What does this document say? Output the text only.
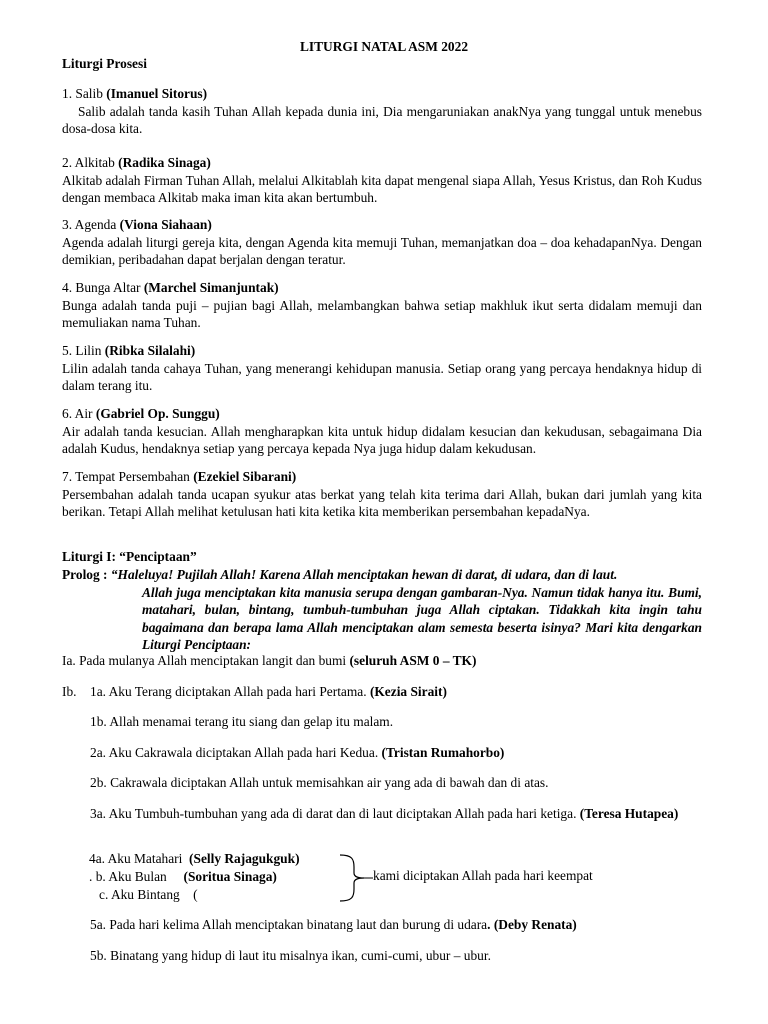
LITURGI NATAL ASM 2022
Liturgi Prosesi
1. Salib (Imanuel Sitorus)
Salib adalah tanda kasih Tuhan Allah kepada dunia ini, Dia mengaruniakan anakNya yang tunggal untuk menebus dosa-dosa kita.
2. Alkitab (Radika Sinaga)
Alkitab adalah Firman Tuhan Allah, melalui Alkitablah kita dapat mengenal siapa Allah, Yesus Kristus, dan Roh Kudus dengan membaca Alkitab maka iman kita akan bertumbuh.
3. Agenda (Viona Siahaan)
Agenda adalah liturgi gereja kita, dengan Agenda kita memuji Tuhan, memanjatkan doa – doa kehadapanNya. Dengan demikian, peribadahan dapat berjalan dengan teratur.
4. Bunga Altar (Marchel Simanjuntak)
Bunga adalah tanda puji – pujian bagi Allah, melambangkan bahwa setiap makhluk ikut serta didalam memuji dan memuliakan nama Tuhan.
5. Lilin (Ribka Silalahi)
Lilin adalah tanda cahaya Tuhan, yang menerangi kehidupan manusia. Setiap orang yang percaya hendaknya hidup di dalam terang itu.
6. Air (Gabriel Op. Sunggu)
Air adalah tanda kesucian. Allah mengharapkan kita untuk hidup didalam kesucian dan kekudusan, sebagaimana Dia adalah Kudus, hendaknya setiap yang percaya kepada Nya juga hidup dalam kekudusan.
7. Tempat Persembahan (Ezekiel Sibarani)
Persembahan adalah tanda ucapan syukur atas berkat yang telah kita terima dari Allah, bukan dari jumlah yang kita berikan. Tetapi Allah melihat ketulusan hati kita ketika kita memberikan persembahan kepadaNya.
Liturgi I: “Penciptaan”
Prolog : “Haleluya! Pujilah Allah! Karena Allah menciptakan hewan di darat, di udara, dan di laut.
Allah juga menciptakan kita manusia serupa dengan gambaran-Nya. Namun tidak hanya itu. Bumi, matahari, bulan, bintang, tumbuh-tumbuhan juga Allah ciptakan. Tidakkah kita ingin tahu bagaimana dan berapa lama Allah menciptakan alam semesta beserta isinya? Mari kita dengarkan Liturgi Penciptaan:
Ia. Pada mulanya Allah menciptakan langit dan bumi (seluruh ASM 0 – TK)
Ib.	1a. Aku Terang diciptakan Allah pada hari Pertama. (Kezia Sirait)
1b. Allah menamai terang itu siang dan gelap itu malam.
2a. Aku Cakrawala diciptakan Allah pada hari Kedua. (Tristan Rumahorbo)
2b. Cakrawala diciptakan Allah untuk memisahkan air yang ada di bawah dan di atas.
3a. Aku Tumbuh-tumbuhan yang ada di darat dan di laut diciptakan Allah pada hari ketiga. (Teresa Hutapea)
4a. Aku Matahari  (Selly Rajagukguk)
. b. Aku Bulan     (Soritua Sinaga)
c. Aku Bintang    (
kami diciptakan Allah pada hari keempat
5a. Pada hari kelima Allah menciptakan binatang laut dan burung di udara. (Deby Renata)
5b. Binatang yang hidup di laut itu misalnya ikan, cumi-cumi, ubur – ubur.
